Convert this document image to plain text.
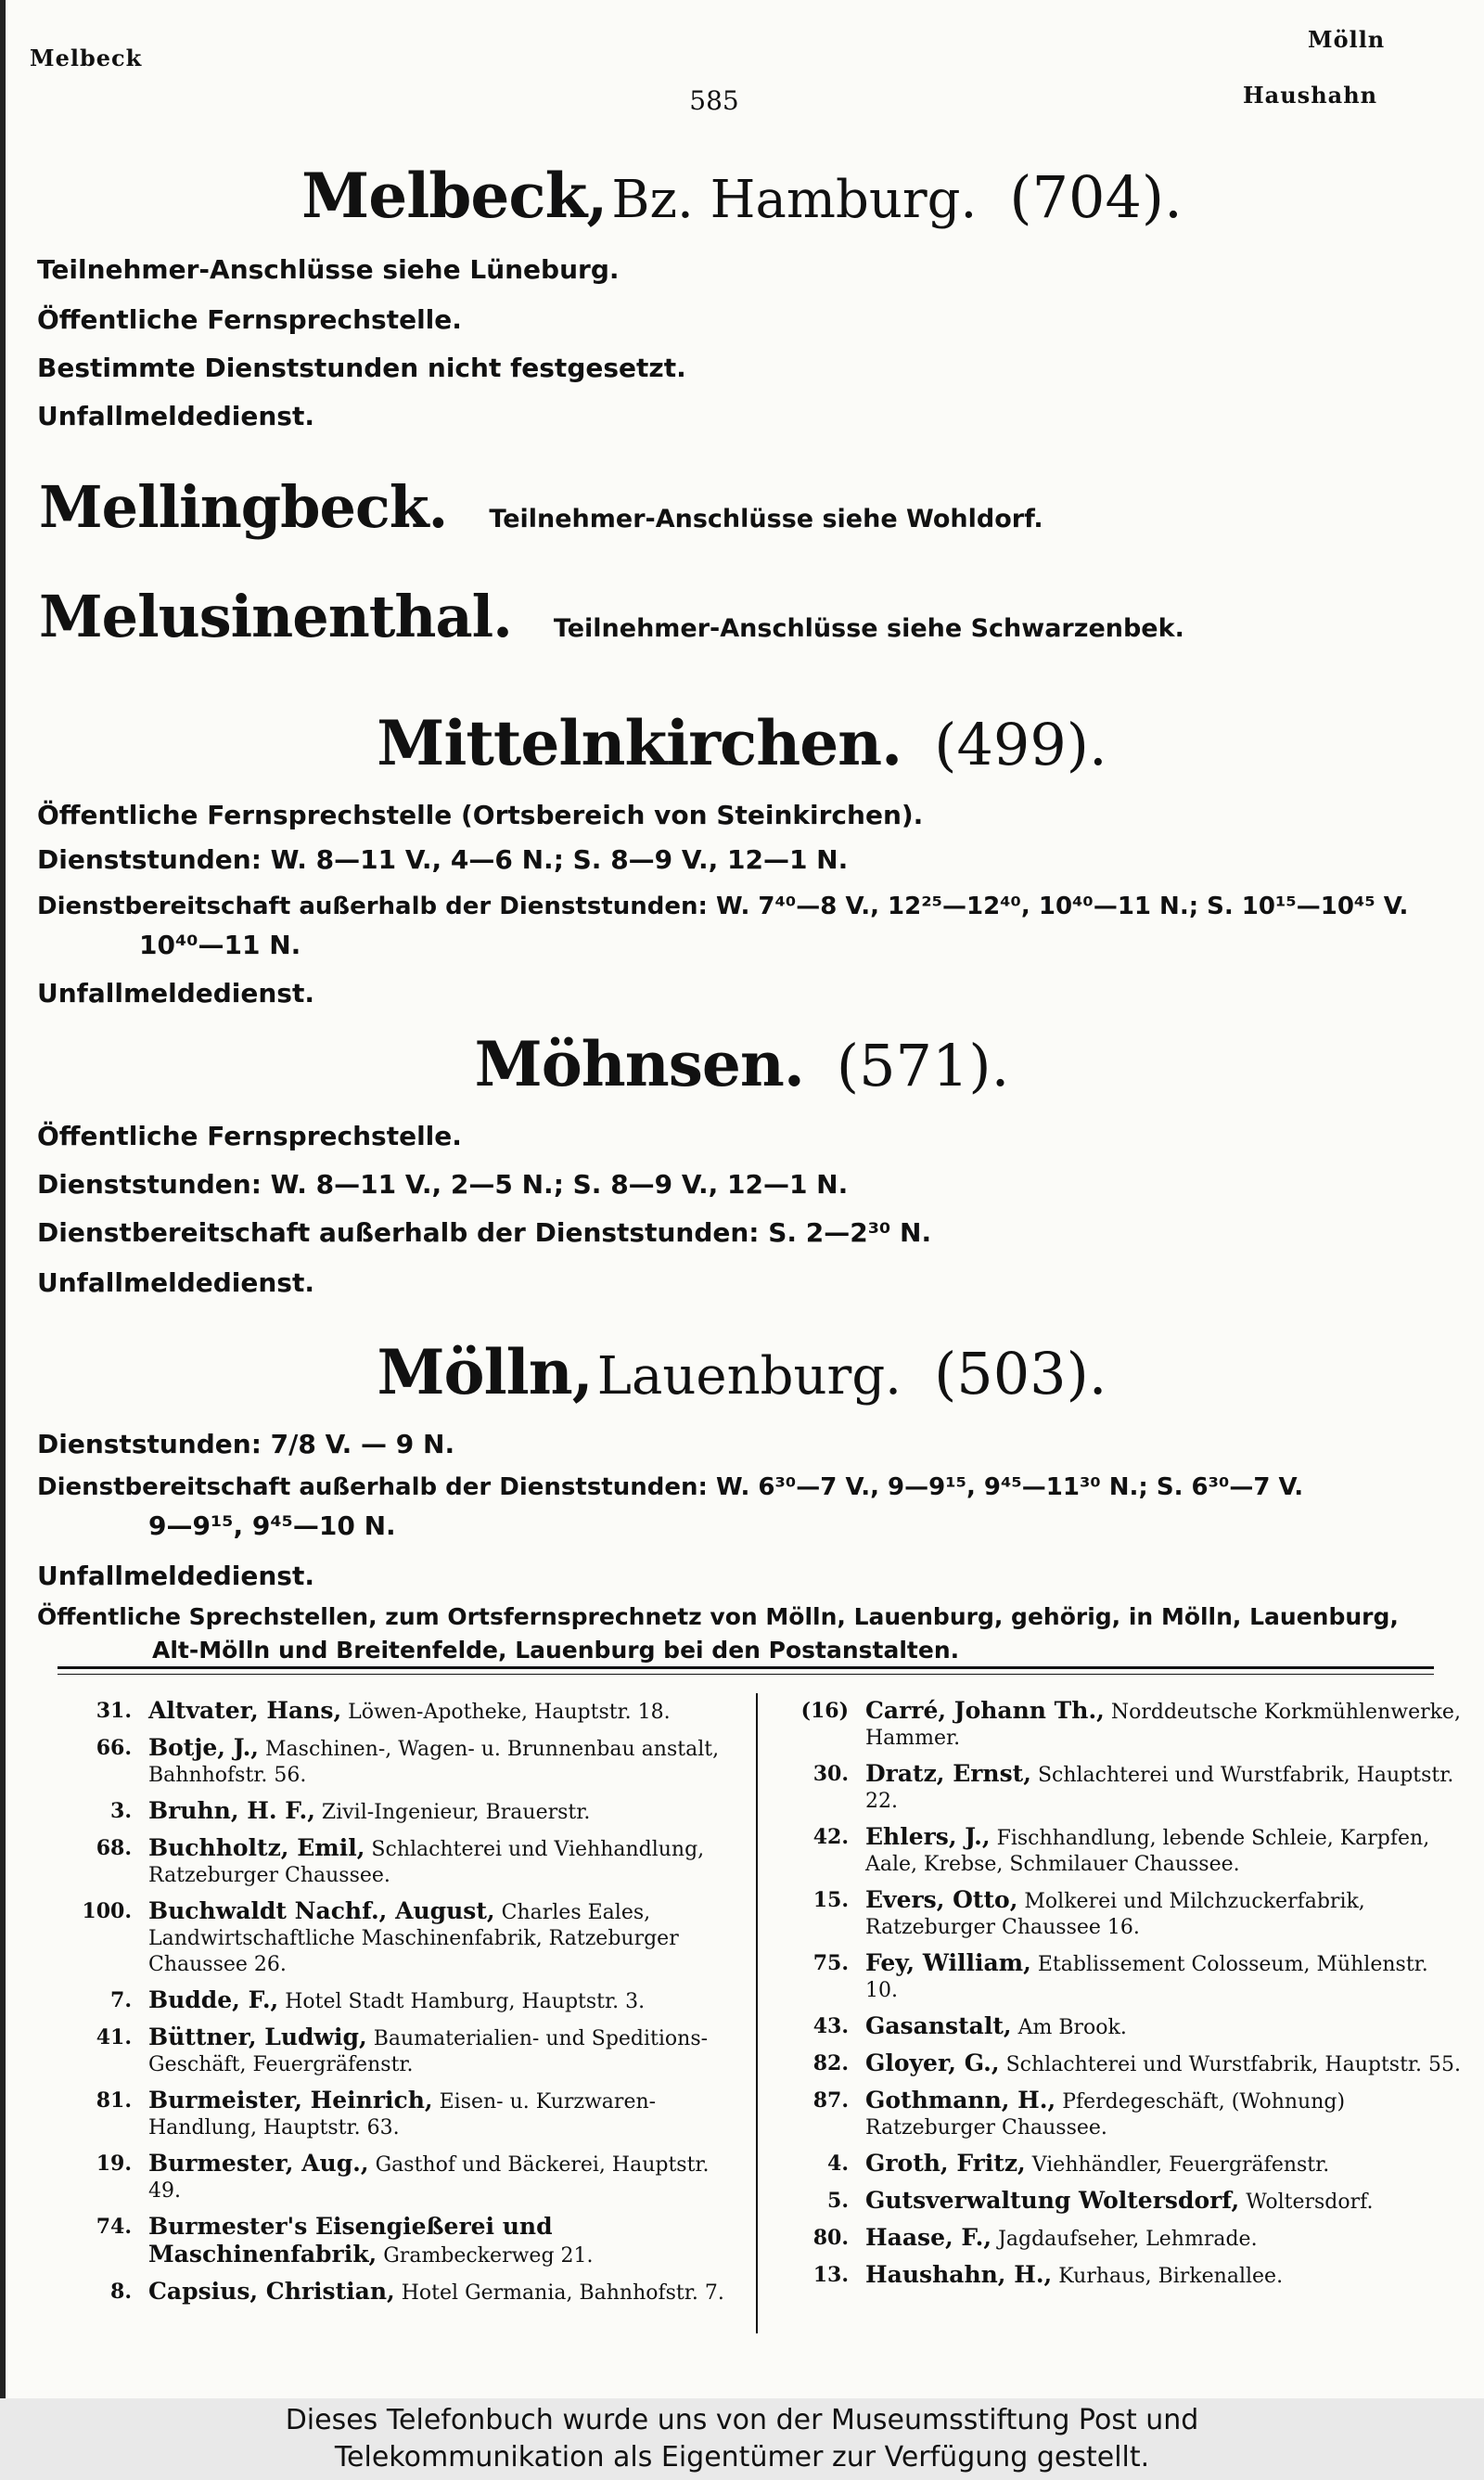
Melbeck
Mölln
Haushahn
585
Melbeck, Bz. Hamburg. (704).
Teilnehmer-Anschlüsse siehe Lüneburg.
Öffentliche Fernsprechstelle.
Bestimmte Dienststunden nicht festgesetzt.
Unfallmeldedienst.
Mellingbeck. Teilnehmer-Anschlüsse siehe Wohldorf.
Melusinenthal. Teilnehmer-Anschlüsse siehe Schwarzenbek.
Mittelnkirchen. (499).
Öffentliche Fernsprechstelle (Ortsbereich von Steinkirchen).
Dienststunden: W. 8—11 V., 4—6 N.; S. 8—9 V., 12—1 N.
Dienstbereitschaft außerhalb der Dienststunden: W. 7⁴⁰—8 V., 12²⁵—12⁴⁰, 10⁴⁰—11 N.; S. 10¹⁵—10⁴⁵ V.
10⁴⁰—11 N.
Unfallmeldedienst.
Möhnsen. (571).
Öffentliche Fernsprechstelle.
Dienststunden: W. 8—11 V., 2—5 N.; S. 8—9 V., 12—1 N.
Dienstbereitschaft außerhalb der Dienststunden: S. 2—2³⁰ N.
Unfallmeldedienst.
Mölln, Lauenburg. (503).
Dienststunden: 7/8 V. — 9 N.
Dienstbereitschaft außerhalb der Dienststunden: W. 6³⁰—7 V., 9—9¹⁵, 9⁴⁵—11³⁰ N.; S. 6³⁰—7 V.
9—9¹⁵, 9⁴⁵—10 N.
Unfallmeldedienst.
Öffentliche Sprechstellen, zum Ortsfernsprechnetz von Mölln, Lauenburg, gehörig, in Mölln, Lauenburg,
Alt-Mölln und Breitenfelde, Lauenburg bei den Postanstalten.
31. Altvater, Hans, Löwen-Apotheke, Hauptstr. 18.
66. Botje, J., Maschinen-, Wagen- u. Brunnenbau anstalt, Bahnhofstr. 56.
3. Bruhn, H. F., Zivil-Ingenieur, Brauerstr.
68. Buchholtz, Emil, Schlachterei und Viehhandlung, Ratzeburger Chaussee.
100. Buchwaldt Nachf., August, Charles Eales, Landwirtschaftliche Maschinenfabrik, Ratzeburger Chaussee 26.
7. Budde, F., Hotel Stadt Hamburg, Hauptstr. 3.
41. Büttner, Ludwig, Baumaterialien- und Speditions-Geschäft, Feuergräfenstr.
81. Burmeister, Heinrich, Eisen- u. Kurzwaren-Handlung, Hauptstr. 63.
19. Burmester, Aug., Gasthof und Bäckerei, Hauptstr. 49.
74. Burmester's Eisengießerei und Maschinenfabrik, Grambeckerweg 21.
8. Capsius, Christian, Hotel Germania, Bahnhofstr. 7.
(16) Carré, Johann Th., Norddeutsche Korkmühlenwerke, Hammer.
30. Dratz, Ernst, Schlachterei und Wurstfabrik, Hauptstr. 22.
42. Ehlers, J., Fischhandlung, lebende Schleie, Karpfen, Aale, Krebse, Schmilauer Chaussee.
15. Evers, Otto, Molkerei und Milchzuckerfabrik, Ratzeburger Chaussee 16.
75. Fey, William, Etablissement Colosseum, Mühlenstr. 10.
43. Gasanstalt, Am Brook.
82. Gloyer, G., Schlachterei und Wurstfabrik, Hauptstr. 55.
87. Gothmann, H., Pferdegeschäft, (Wohnung) Ratzeburger Chaussee.
4. Groth, Fritz, Viehhändler, Feuergräfenstr.
5. Gutsverwaltung Woltersdorf, Woltersdorf.
80. Haase, F., Jagdaufseher, Lehmrade.
13. Haushahn, H., Kurhaus, Birkenallee.
Dieses Telefonbuch wurde uns von der Museumsstiftung Post und
Telekommunikation als Eigentümer zur Verfügung gestellt.
